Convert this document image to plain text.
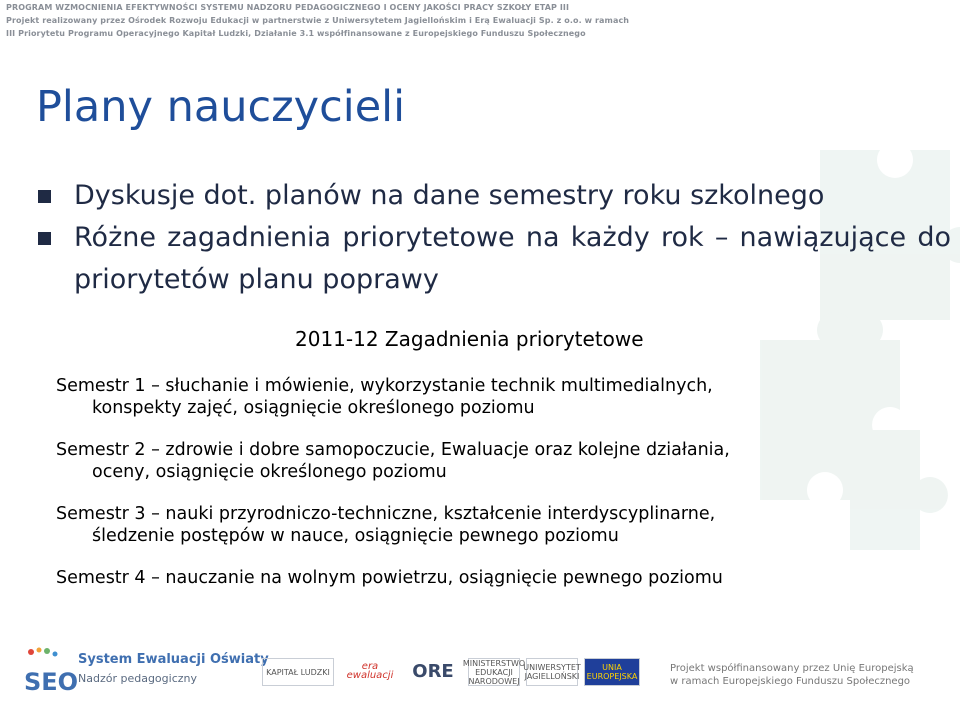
PROGRAM WZMOCNIENIA EFEKTYWNOŚCI SYSTEMU NADZORU PEDAGOGICZNEGO I OCENY JAKOŚCI PRACY SZKOŁY ETAP III
Projekt realizowany przez Ośrodek Rozwoju Edukacji w partnerstwie z Uniwersytetem Jagiellońskim i Erą Ewaluacji Sp. z o.o. w ramach
III Priorytetu Programu Operacyjnego Kapitał Ludzki, Działanie 3.1 współfinansowane z Europejskiego Funduszu Społecznego
Plany nauczycieli
Dyskusje dot. planów na dane semestry roku szkolnego
Różne zagadnienia priorytetowe na każdy rok – nawiązujące do priorytetów planu poprawy
2011-12 Zagadnienia priorytetowe
Semestr 1 – słuchanie i mówienie, wykorzystanie technik multimedialnych,
konspekty zajęć, osiągnięcie określonego poziomu
Semestr 2 – zdrowie i dobre samopoczucie, Ewaluacje oraz kolejne działania,
oceny, osiągnięcie określonego poziomu
Semestr 3 – nauki przyrodniczo-techniczne, kształcenie interdyscyplinarne,
śledzenie postępów w nauce, osiągnięcie pewnego poziomu
Semestr 4 – nauczanie na wolnym powietrzu, osiągnięcie pewnego poziomu
SEO
System Ewaluacji Oświaty
Nadzór pedagogiczny	KAPITAŁ LUDZKI	era ewaluacji	ORE MINISTERSTWO EDUKACJI NARODOWEJ
UNIWERSYTET JAGIELLOŃSKI
UNIA EUROPEJSKA
Projekt współfinansowany przez Unię Europejską
w ramach Europejskiego Funduszu Społecznego
